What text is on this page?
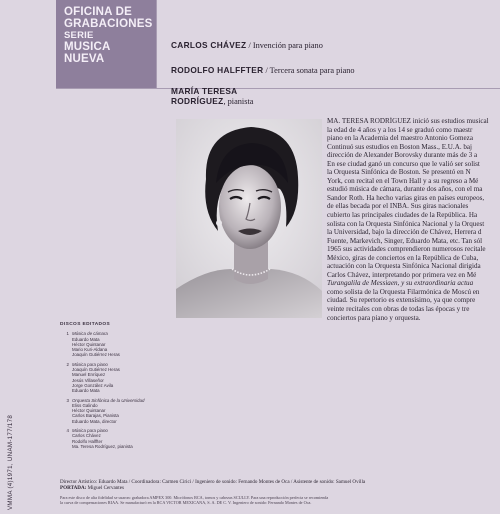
OFICINA DE
GRABACIONES
SERIE
MUSICA
NUEVA
CARLOS CHÁVEZ / Invención para piano
RODOLFO HALFFTER / Tercera sonata para piano
MARÍA TERESA
RODRÍGUEZ, pianista

MA. TERESA RODRÍGUEZ inició sus estudios musical

la edad de 4 años y a los 14 se graduó como maestr

piano en la Academia del maestro Antonio Gomeza

Continuó sus estudios en Boston Mass., E.U.A. baj

dirección de Alexander Borovsky durante más de 3 a

En ese ciudad ganó un concurso que le valió ser solist

la Orquesta Sinfónica de Boston. Se presentó en N

York, con recital en el Town Hall y a su regreso a Mé

estudió música de cámara, durante dos años, con el ma

Sandor Roth. Ha hecho varias giras en países europeos,

de ellas becada por el INBA. Sus giras nacionales

cubierto las principales ciudades de la República. Ha

solista con la Orquesta Sinfónica Nacional y la Orquest

la Universidad, bajo la dirección de Chávez, Herrera d

Fuente, Markevich, Singer, Eduardo Mata, etc. Tan sól

1965 sus actividades comprendieron numerosos recitale

México, giras de conciertos en la República de Cuba,

actuación con la Orquesta Sinfónica Nacional dirigida

Carlos Chávez, interpretando por primera vez en Mé

Turangalila de Messiaen, y su extraordinaria actua

como solista de la Orquesta Filarmónica de Moscú en

ciudad. Su repertorio es extensísimo, ya que compre

veinte recitales con obras de todas las épocas y tre

conciertos para piano y orquesta.

DISCOS EDITADOS
1 Música de cámara
Eduardo Mata
Héctor Quintanar
Mario Kuri-Aldana
Joaquín Gutiérrez Heras
2 Música para piano
Joaquín Gutiérrez Heras
Manuel Enríquez
Jesús Villaseñor
Jorge González Avila
Eduardo Mata
3 Orquesta Sinfónica de la Universidad
Eliss Galindo
Héctor Quintanar
Carlos Barajas, Pianista
Eduardo Mata, director
4 Música para piano
Carlos Chávez
Rodolfo Halffter
Ma. Teresa Rodríguez, pianista
VMMA (4)1971, UNAM-177/178	Director Artístico: Eduardo Mata / Coordinadora: Carmen Cirici / Ingeniero de sonido: Fernando Montes de Oca / Asistente de sonido: Samuel Ovilla
PORTADA: Miguel Cervantes
Para este disco de alta fidelidad se usaron: grabadora AMPEX 300. Micrófonos RCA, tornos y cabezas SCULLY. Para una reproducción perfecta se recomienda
la curva de compensaciones RIAA. Se manufacturó en la RCA VICTOR MEXICANA, S. A. DE C. V. Ingeniero de sonido: Fernando Montes de Oca.
